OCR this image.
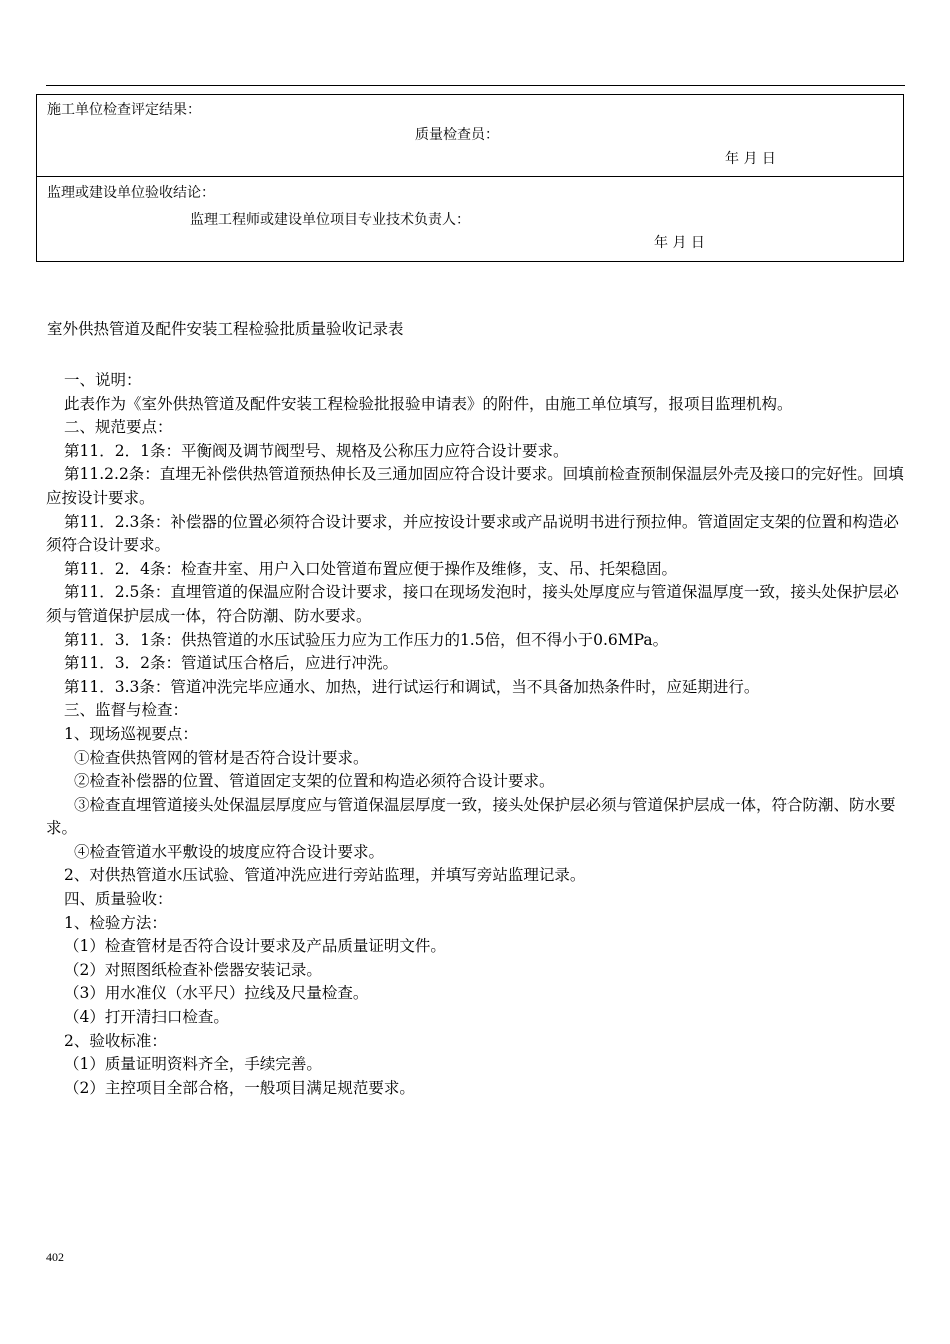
施工单位检查评定结果：
质量检查员：
年 月 日
监理或建设单位验收结论：
监理工程师或建设单位项目专业技术负责人：
年 月 日
室外供热管道及配件安装工程检验批质量验收记录表

一、说明：

此表作为《室外供热管道及配件安装工程检验批报验申请表》的附件，由施工单位填写，报项目监理机构。

二、规范要点：

第11．2．1条：平衡阀及调节阀型号、规格及公称压力应符合设计要求。

第11.2.2条：直埋无补偿供热管道预热伸长及三通加固应符合设计要求。回填前检查预制保温层外壳及接口的完好性。回填应按设计要求。

第11．2.3条：补偿器的位置必须符合设计要求，并应按设计要求或产品说明书进行预拉伸。管道固定支架的位置和构造必须符合设计要求。

第11．2．4条：检查井室、用户入口处管道布置应便于操作及维修，支、吊、托架稳固。

第11．2.5条：直埋管道的保温应附合设计要求，接口在现场发泡时，接头处厚度应与管道保温厚度一致，接头处保护层必须与管道保护层成一体，符合防潮、防水要求。

第11．3．1条：供热管道的水压试验压力应为工作压力的1.5倍，但不得小于0.6MPa。

第11．3．2条：管道试压合格后，应进行冲洗。

第11．3.3条：管道冲洗完毕应通水、加热，进行试运行和调试，当不具备加热条件时，应延期进行。

三、监督与检查：

1、现场巡视要点：

①检查供热管网的管材是否符合设计要求。

②检查补偿器的位置、管道固定支架的位置和构造必须符合设计要求。

③检查直埋管道接头处保温层厚度应与管道保温层厚度一致，接头处保护层必须与管道保护层成一体，符合防潮、防水要求。

④检查管道水平敷设的坡度应符合设计要求。

2、对供热管道水压试验、管道冲洗应进行旁站监理，并填写旁站监理记录。

四、质量验收：

1、检验方法：

（1）检查管材是否符合设计要求及产品质量证明文件。

（2）对照图纸检查补偿器安装记录。

（3）用水准仪（水平尺）拉线及尺量检查。

（4）打开清扫口检查。

2、验收标准：

（1）质量证明资料齐全，手续完善。

（2）主控项目全部合格，一般项目满足规范要求。

402
